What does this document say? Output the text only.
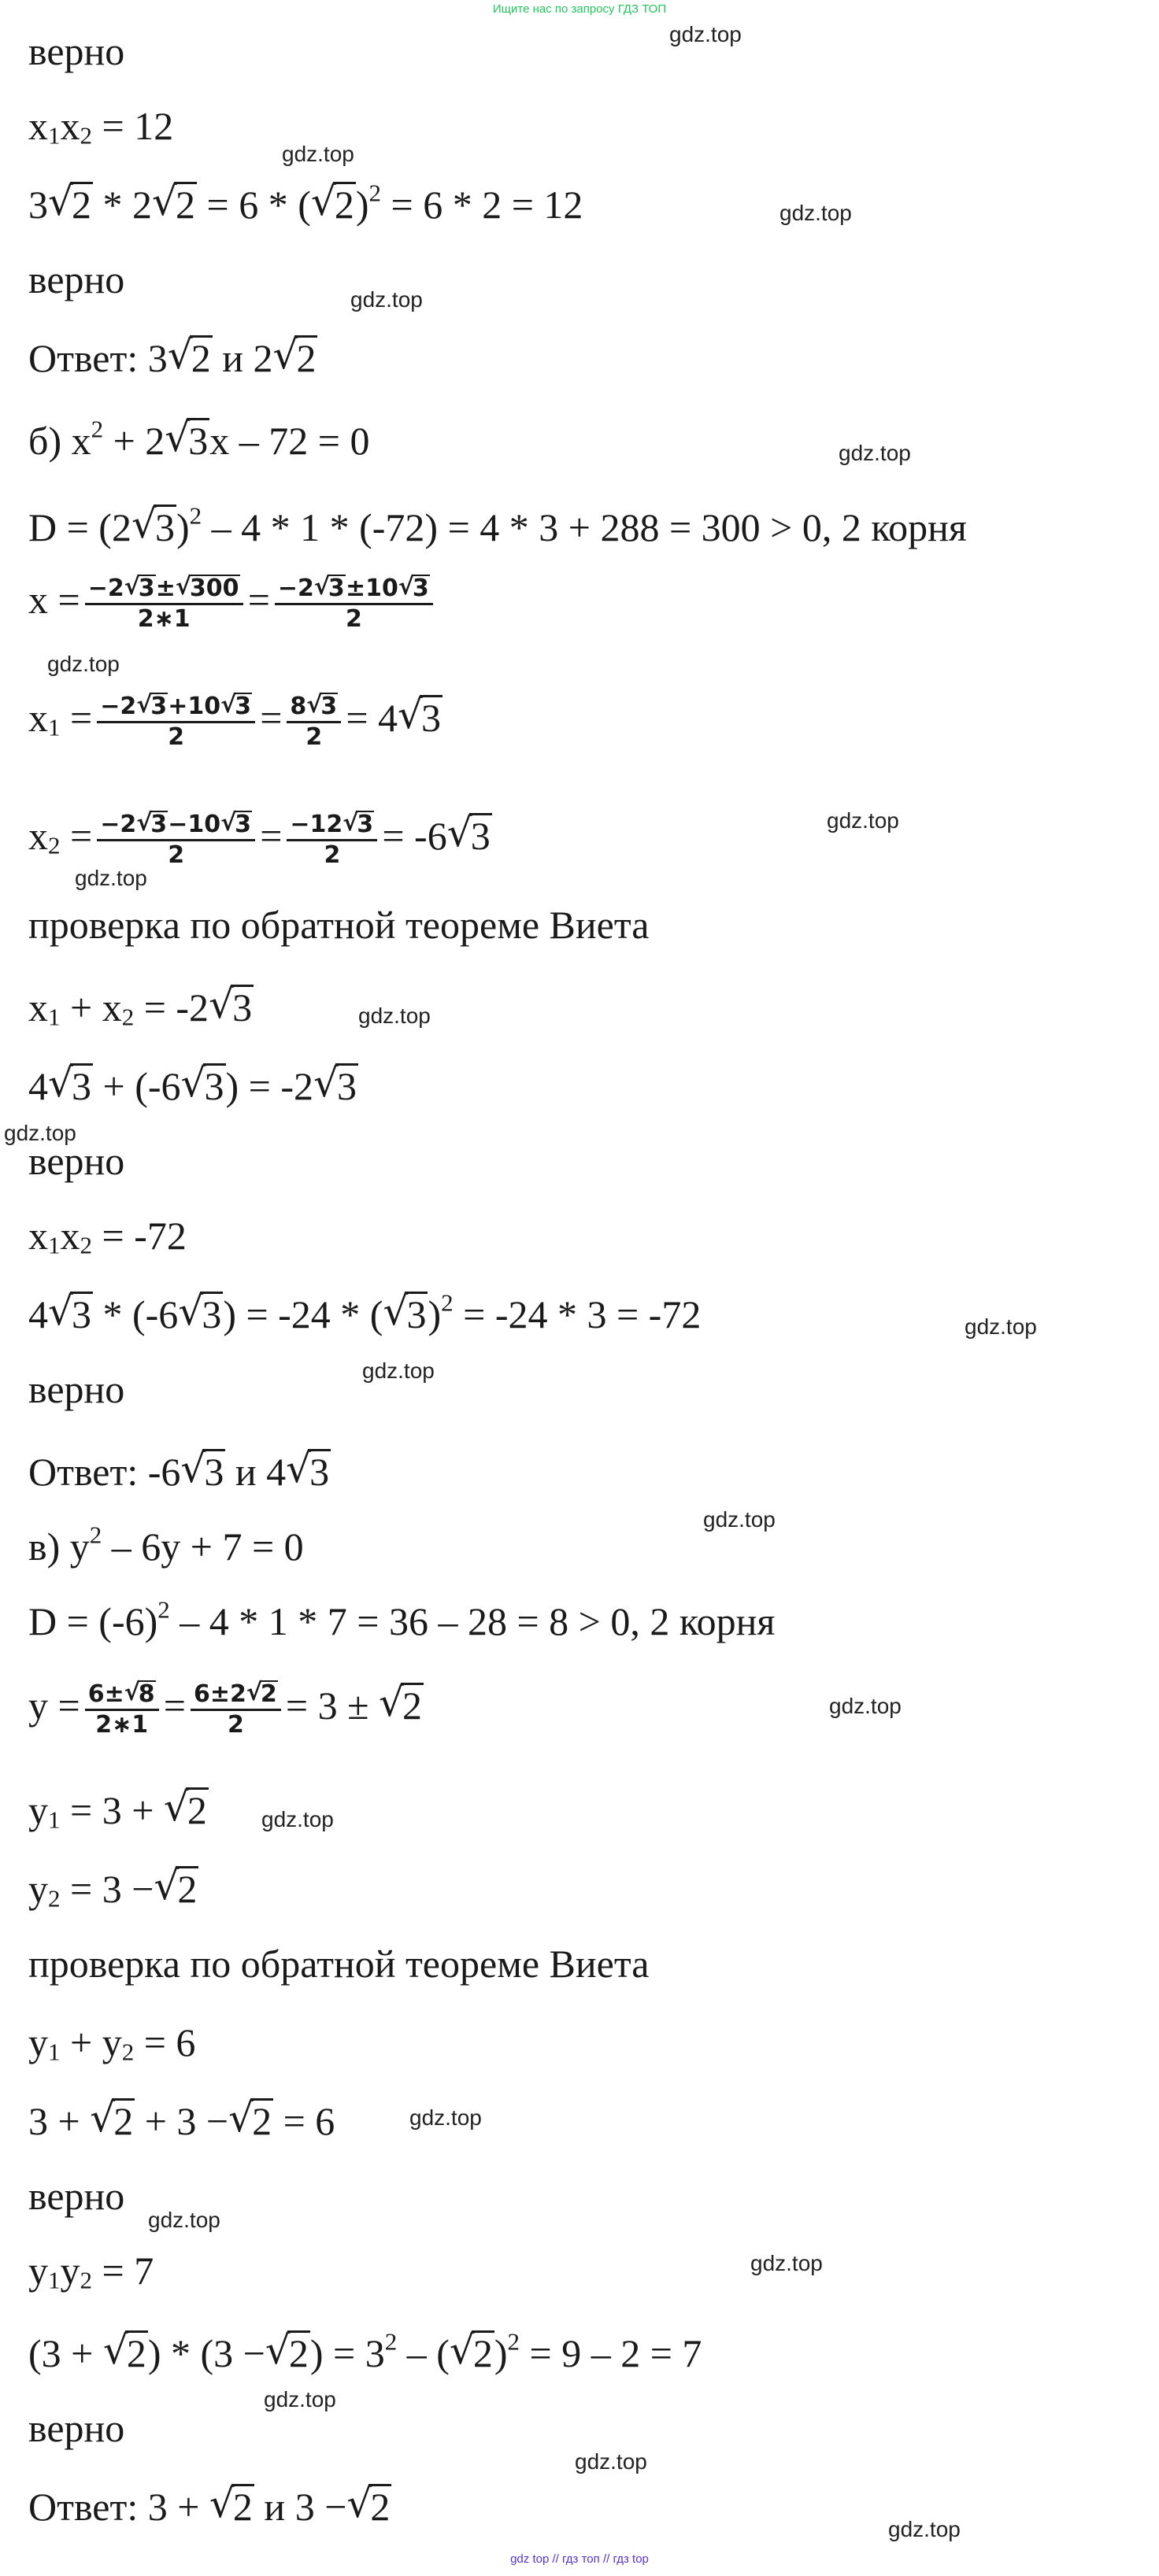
Ищите нас по запросу ГДЗ ТОП
верно
$x_1x_2 = 12$
3 √
2 * 2 √
2 = 6 * ( √
2)$^2$ = 6 * 2 = 12
верно
Ответ: 3 √
2 и 2 √
2
б) $x^2 + 2$ √
3x – 72 = 0
D = (2 √
3)$^2$ – 4 * 1 * (-72) = 4 * 3 + 288 = 300 > 0, 2 корня
x = −2 √
3± √
300
2∗1 = −2 √
3±10 √
3
2
$x_1 = -2$ √
3+10 √
3
2 = 8 √
3
2 = 4 √
3
$x_2 = -2$ √
3−10 √
3
2 = −12 √
3
2 = -6 √
3
проверка по обратной теореме Виета
$x_1 + x_2 = -2$ √
3
4 √
3 + (-6 √
3) = -2 √
3
верно
$x_1x_2 = -72$
4 √
3 * (-6 √
3) = -24 * ( √
3)$^2$ = -24 * 3 = -72
верно
Ответ: -6 √
3 и 4 √
3
в) $y^2 - 6y + 7 = 0$
$D = (-6)^2 - 4 * 1 * 7 = 36 - 28 = 8 > 0$, 2 корня
y = 6± √
8
2∗1 = 6±2 √
2
2 = 3 ± √
2
$y_1 = 3$ + √
2
$y_2 = 3$ − √
2
проверка по обратной теореме Виета
$y_1 + y_2 = 6$
3 + √
2 + 3 − √
2 = 6
верно
$y_1y_2 = 7$
(3 + √
2) * (3 − √
$2) = 3^2$ – ( √
2)$^2$ = 9 – 2 = 7
верно
Ответ: 3 + √
2 и 3 − √
2
gdz.top
gdz.top
gdz.top
gdz.top
gdz.top
gdz.top
gdz.top
gdz.top
gdz.top
gdz.top
gdz.top
gdz.top
gdz.top
gdz.top
gdz.top
gdz.top
gdz.top
gdz.top
gdz.top
gdz.top
gdz.top
gdz top // гдз топ // гдз top
